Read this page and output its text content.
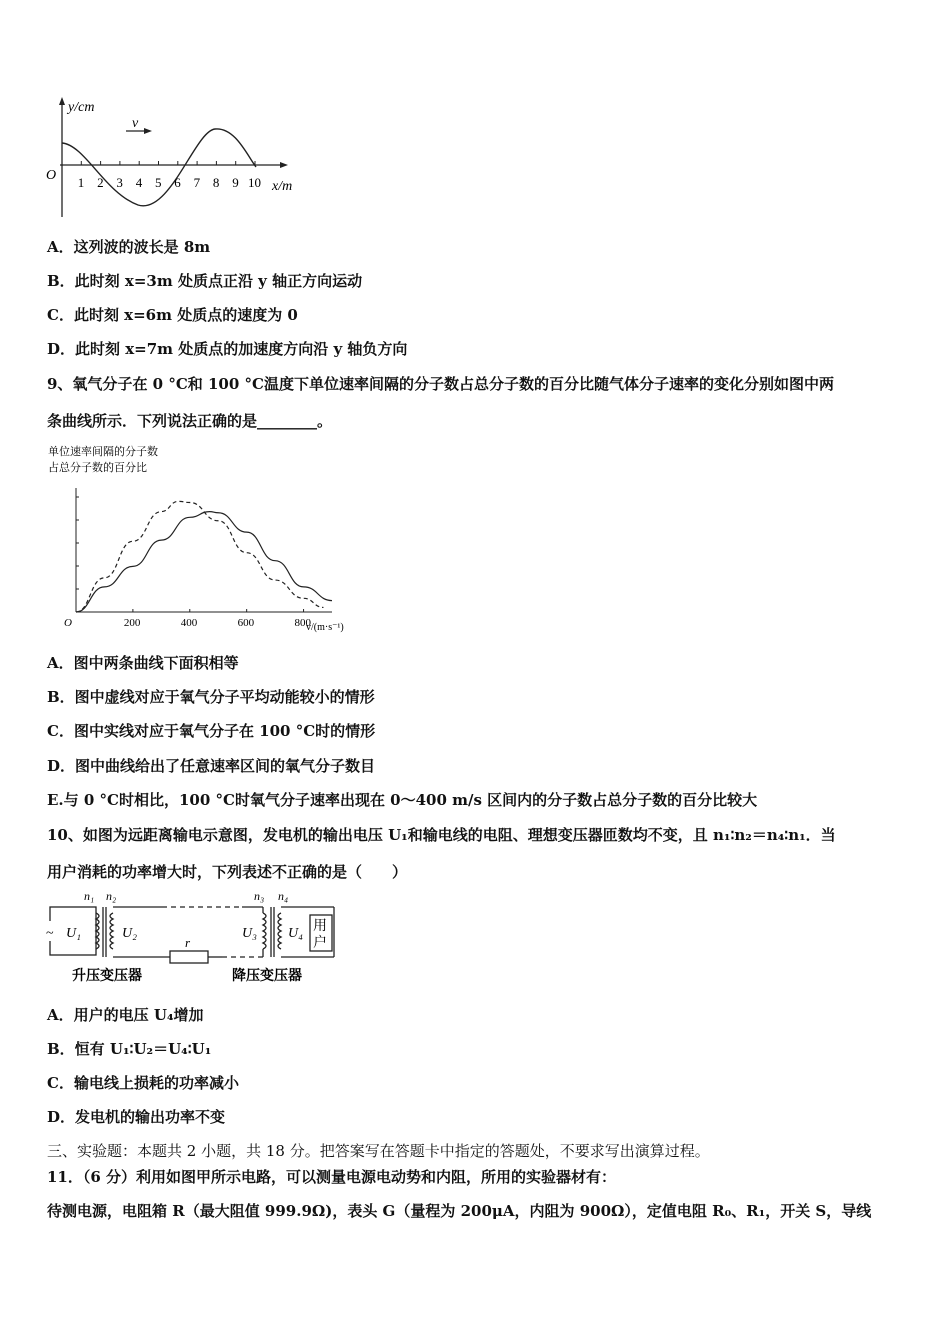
y/cm
O
x/m
v
1 2 3 4 5 6 7 8 9 10
A．这列波的波长是 8m
B．此时刻 x=3m 处质点正沿 y 轴正方向运动
C．此时刻 x=6m 处质点的速度为 0
D．此时刻 x=7m 处质点的加速度方向沿 y 轴负方向
9、氧气分子在 0 °C和 100 °C温度下单位速率间隔的分子数占总分子数的百分比随气体分子速率的变化分别如图中两
条曲线所示．下列说法正确的是________。
单位速率间隔的分子数
占总分子数的百分比
O	v/(m·s⁻¹)
200	400	600	800
A．图中两条曲线下面积相等
B．图中虚线对应于氧气分子平均动能较小的情形
C．图中实线对应于氧气分子在 100 °C时的情形
D．图中曲线给出了任意速率区间的氧气分子数目
E.与 0 °C时相比，100 °C时氧气分子速率出现在 0～400 m/s 区间内的分子数占总分子数的百分比较大
10、如图为远距离输电示意图，发电机的输出电压 U₁和输电线的电阻、理想变压器匝数均不变，且 n₁∶n₂＝n₄∶n₁．当
用户消耗的功率增大时，下列表述不正确的是（　　）
n₁ n₂	n₃ n₄
~ U₁	U₂
r
U₃ U₄ 用
户
升压变压器	降压变压器
A．用户的电压 U₄增加
B．恒有 U₁∶U₂＝U₄∶U₁
C．输电线上损耗的功率减小
D．发电机的输出功率不变
三、实验题：本题共 2 小题，共 18 分。把答案写在答题卡中指定的答题处，不要求写出演算过程。
11．（6 分）利用如图甲所示电路，可以测量电源电动势和内阻，所用的实验器材有：
待测电源，电阻箱 R（最大阻值 999.9Ω)，表头 G（量程为 200μA，内阻为 900Ω），定值电阻 R₀、R₁，开关 S，导线
